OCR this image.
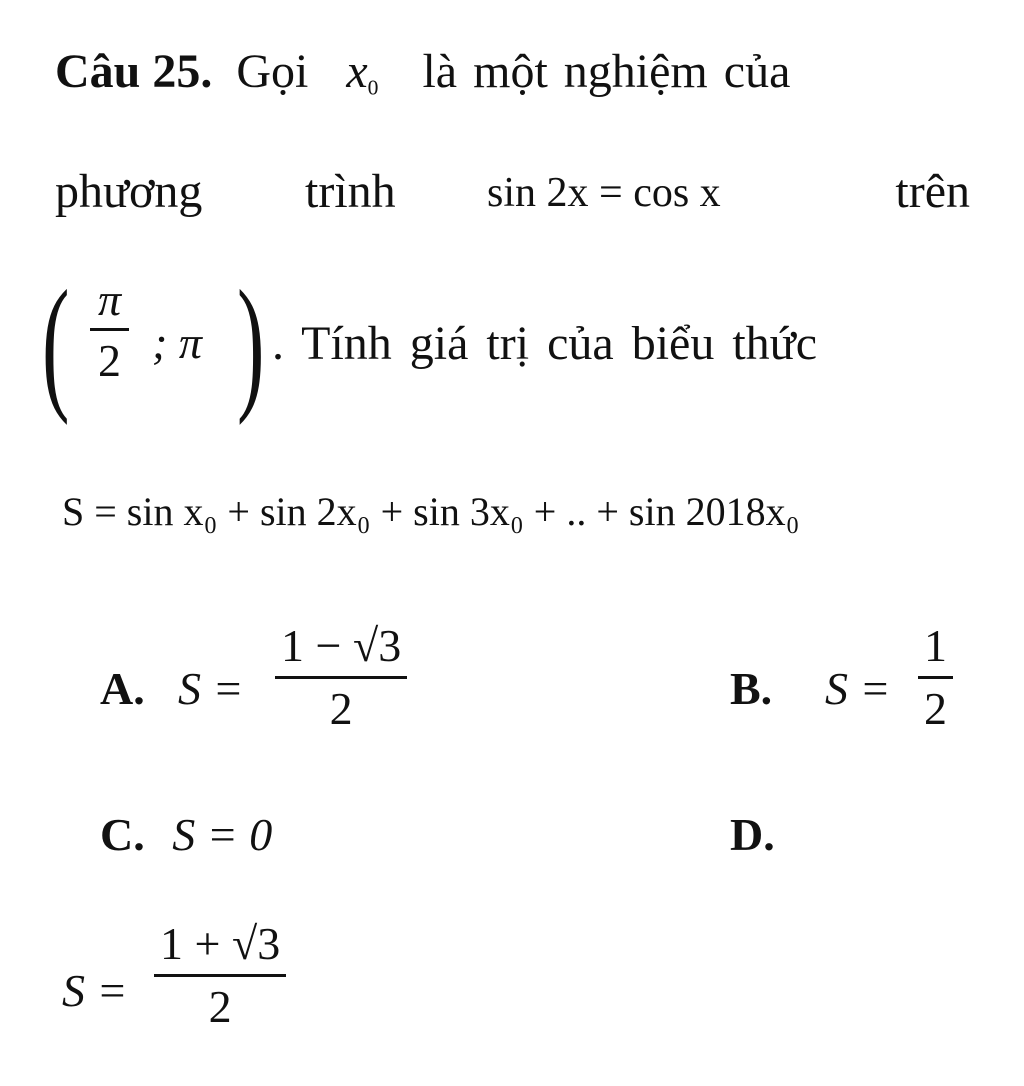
Câu 25. Gọi $x_0$ là một nghiệm của
phương trình sin 2x = cos x	trên
( $\frac{\pi}{2}$ ; π ) . Tính giá trị của biểu thức
S = sin x₀ + sin 2x₀ + sin 3x₀ + .. + sin 2018x₀
A. $S = \frac{1 - √3}{2}$	B. $S = \frac{1}{2}$
C. S = 0	D.
$S = \frac{1 + √3}{2}$
